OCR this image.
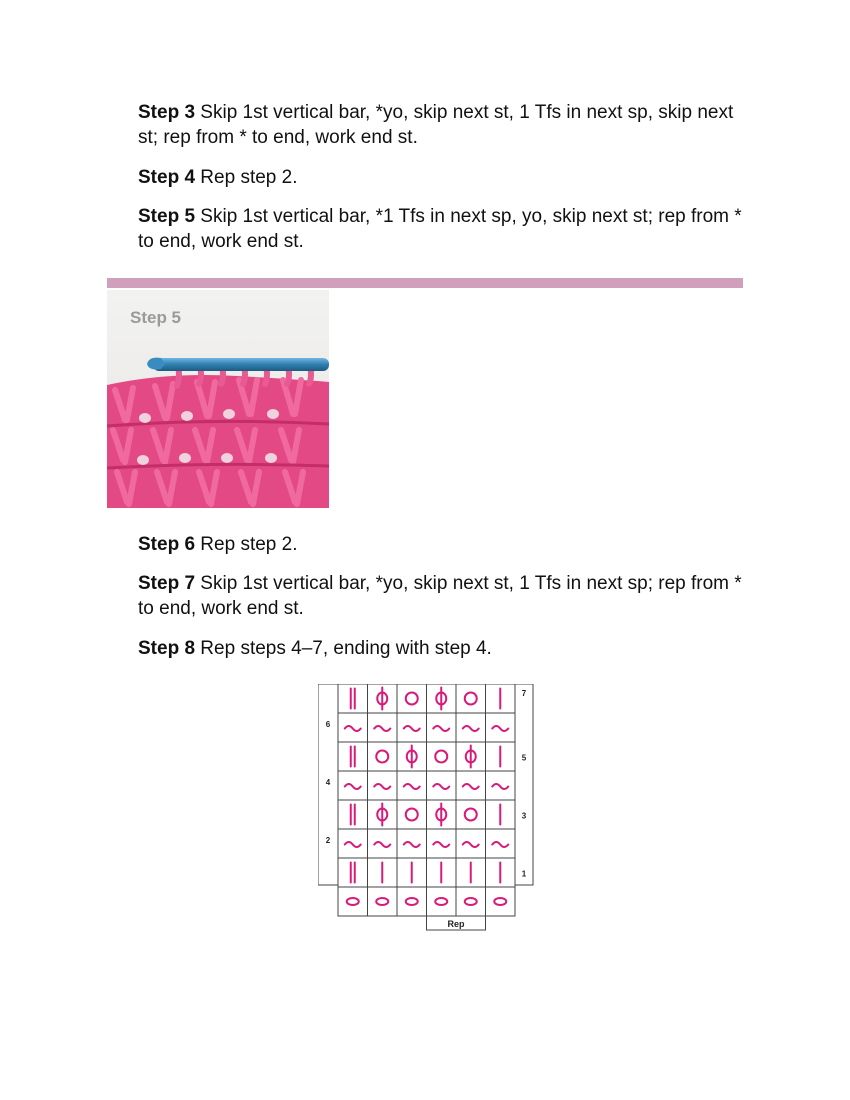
Step 3 Skip 1st vertical bar, *yo, skip next st, 1 Tfs in next sp, skip next st; rep from * to end, work end st.

Step 4 Rep step 2.

Step 5 Skip 1st vertical bar, *1 Tfs in next sp, yo, skip next st; rep from * to end, work end st.

Step 5

Step 6 Rep step 2.

Step 7 Skip 1st vertical bar, *yo, skip next st, 1 Tfs in next sp; rep from * to end, work end st.

Step 8 Rep steps 4–7, ending with step 4.

7
5
3
1
6
4
2
Rep
